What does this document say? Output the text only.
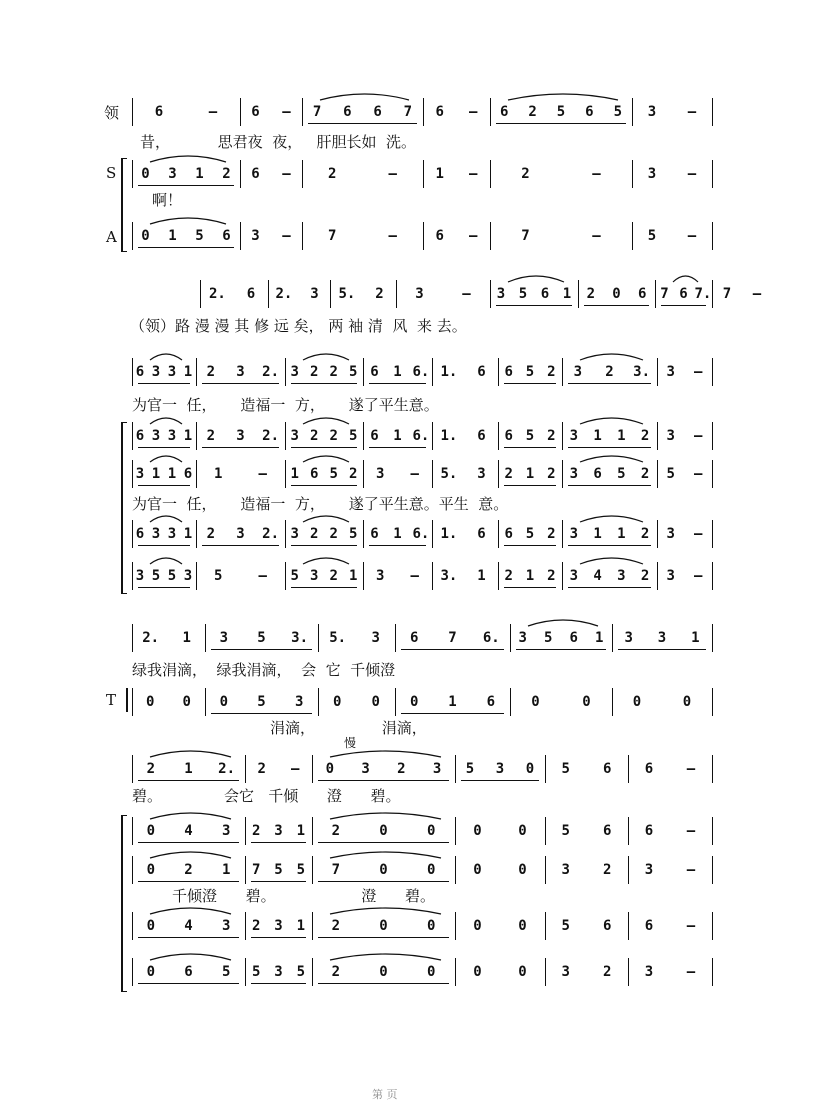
领
S
A
T
慢
6	– 6 – 7 6 6 7 6 – 6 2 5 6 5 3 –
昔，          思君夜  夜，   肝胆长如  洗。
0 3 1 2 6 –	2	–	1 –	2	–	3 –
啊！
0 1 5 6 3 –	7	–	6 –	7	–	5 –
2. 6 2. 3 5. 2 3	– 3 5 6 1 2 0 6 7 6 7. 7 –
（领）路 漫 漫 其 修 远 矣， 两 袖 清  风  来 去。
6 3 3 1 2 3 2. 3 2 2 5 6 1 6. 1. 6 6 5 2 3 2 3. 3 –
为官一  任，     造福一  方，     遂了平生意。
6 3 3 1 2 3 2. 3 2 2 5 6 1 6. 1. 6 6 5 2 3 1 1 2 3 –
3 1 1 6 1	– 1 6 5 2 3 – 5. 3 2 1 2 3 6 5 2 5 –
为官一  任，     造福一  方，     遂了平生意。平生  意。
6 3 3 1 2 3 2. 3 2 2 5 6 1 6. 1. 6 6 5 2 3 1 1 2 3 –
3 5 5 3 5	– 5 3 2 1 3 – 3. 1 2 1 2 3 4 3 2 3 –
2. 1 3 5 3. 5. 3 6 7 6. 3 5 6 1 3 3 1
绿我涓滴，  绿我涓滴，  会  它  千倾澄
0 0 0 5 3 0 0 0 1 6	0	0	0	0
涓滴，              涓滴，
2 1 2. 2 – 0 3 2 3 5 3 0 5 6 6 –
碧。             会它   千倾      澄      碧。
0 4 3 2 3 1 2	0	0	0	0 5 6 6 –
0 2 1 7 5 5 7	0	0	0	0 3 2 3 –
千倾澄      碧。                  澄      碧。
0 4 3 2 3 1 2	0	0	0	0 5 6 6 –
0 6 5 5 3 5 2	0	0	0	0 3 2 3 –
第 页
